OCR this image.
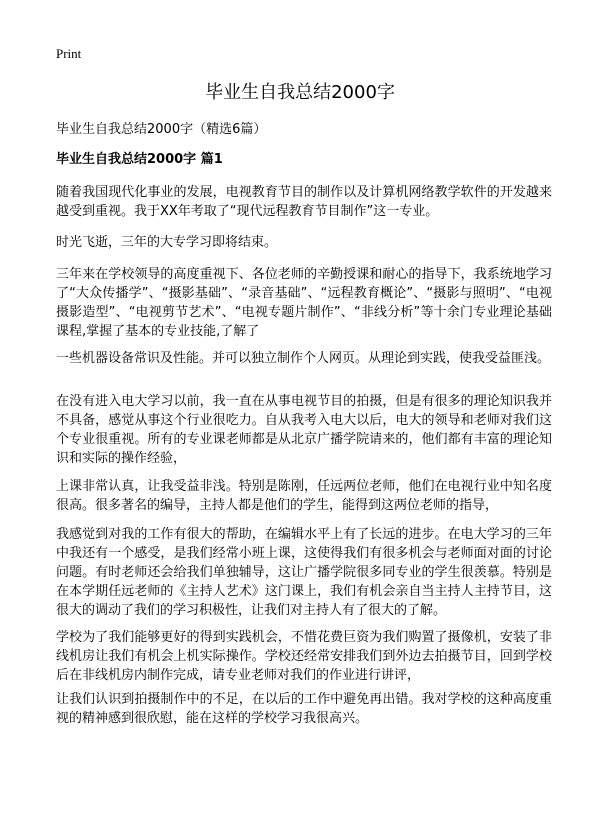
Print
毕业生自我总结2000字

毕业生自我总结2000字（精选6篇）

毕业生自我总结2000字 篇1

随着我国现代化事业的发展，电视教育节目的制作以及计算机网络教学软件的开发越来越受到重视。我于XX年考取了“现代远程教育节目制作”这一专业。

时光飞逝，三年的大专学习即将结束。

三年来在学校领导的高度重视下、各位老师的辛勤授课和耐心的指导下，我系统地学习了“大众传播学”、“摄影基础”、“录音基础”、“远程教育概论”、“摄影与照明”、“电视摄影造型”、“电视剪节艺术”、“电视专题片制作”、“非线分析”等十余门专业理论基础课程,掌握了基本的专业技能,了解了

一些机器设备常识及性能。并可以独立制作个人网页。从理论到实践，使我受益匪浅。

在没有进入电大学习以前，我一直在从事电视节目的拍摄，但是有很多的理论知识我并不具备，感觉从事这个行业很吃力。自从我考入电大以后，电大的领导和老师对我们这个专业很重视。所有的专业课老师都是从北京广播学院请来的，他们都有丰富的理论知识和实际的操作经验，

上课非常认真，让我受益非浅。特别是陈刚，任远两位老师，他们在电视行业中知名度很高。很多著名的编导，主持人都是他们的学生，能得到这两位老师的指导，

我感觉到对我的工作有很大的帮助，在编辑水平上有了长远的进步。在电大学习的三年中我还有一个感受，是我们经常小班上课，这使得我们有很多机会与老师面对面的讨论问题。有时老师还会给我们单独辅导，这让广播学院很多同专业的学生很羡慕。特别是在本学期任远老师的《主持人艺术》这门课上，我们有机会亲自当主持人主持节目，这很大的调动了我们的学习积极性，让我们对主持人有了很大的了解。

学校为了我们能够更好的得到实践机会，不惜花费巨资为我们购置了摄像机，安装了非线机房让我们有机会上机实际操作。学校还经常安排我们到外边去拍摄节目，回到学校后在非线机房内制作完成，请专业老师对我们的作业进行讲评，

让我们认识到拍摄制作中的不足，在以后的工作中避免再出错。我对学校的这种高度重视的精神感到很欣慰，能在这样的学校学习我很高兴。
